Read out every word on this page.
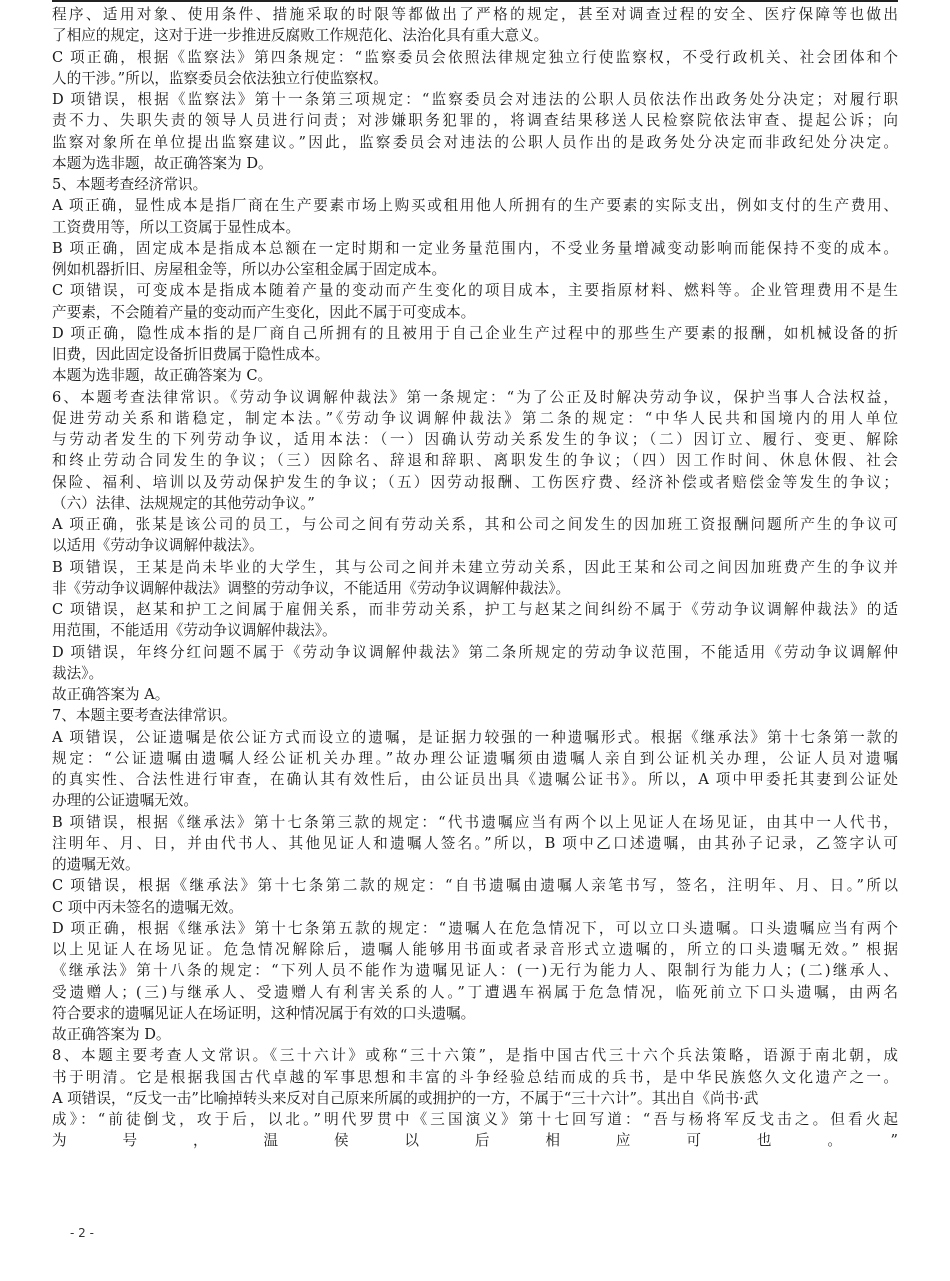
程序、适用对象、使用条件、措施采取的时限等都做出了严格的规定，甚至对调查过程的安全、医疗保障等也做出
了相应的规定，这对于进一步推进反腐败工作规范化、法治化具有重大意义。
C 项正确，根据《监察法》第四条规定：“监察委员会依照法律规定独立行使监察权，不受行政机关、社会团体和个
人的干涉。”所以，监察委员会依法独立行使监察权。
D 项错误，根据《监察法》第十一条第三项规定：“监察委员会对违法的公职人员依法作出政务处分决定；对履行职
责不力、失职失责的领导人员进行问责；对涉嫌职务犯罪的，将调查结果移送人民检察院依法审查、提起公诉；向
监察对象所在单位提出监察建议。”因此，监察委员会对违法的公职人员作出的是政务处分决定而非政纪处分决定。
本题为选非题，故正确答案为 D。
5、本题考查经济常识。
A 项正确，显性成本是指厂商在生产要素市场上购买或租用他人所拥有的生产要素的实际支出，例如支付的生产费用、
工资费用等，所以工资属于显性成本。
B 项正确，固定成本是指成本总额在一定时期和一定业务量范围内，不受业务量增减变动影响而能保持不变的成本。
例如机器折旧、房屋租金等，所以办公室租金属于固定成本。
C 项错误，可变成本是指成本随着产量的变动而产生变化的项目成本，主要指原材料、燃料等。企业管理费用不是生
产要素，不会随着产量的变动而产生变化，因此不属于可变成本。
D 项正确，隐性成本指的是厂商自己所拥有的且被用于自己企业生产过程中的那些生产要素的报酬，如机械设备的折
旧费，因此固定设备折旧费属于隐性成本。
本题为选非题，故正确答案为 C。
6、本题考查法律常识。《劳动争议调解仲裁法》第一条规定：“为了公正及时解决劳动争议，保护当事人合法权益，
促进劳动关系和谐稳定，制定本法。”《劳动争议调解仲裁法》第二条的规定：“中华人民共和国境内的用人单位
与劳动者发生的下列劳动争议，适用本法：（一）因确认劳动关系发生的争议；（二）因订立、履行、变更、解除
和终止劳动合同发生的争议；（三）因除名、辞退和辞职、离职发生的争议；（四）因工作时间、休息休假、社会
保险、福利、培训以及劳动保护发生的争议；（五）因劳动报酬、工伤医疗费、经济补偿或者赔偿金等发生的争议；
（六）法律、法规规定的其他劳动争议。”
A 项正确，张某是该公司的员工，与公司之间有劳动关系，其和公司之间发生的因加班工资报酬问题所产生的争议可
以适用《劳动争议调解仲裁法》。
B 项错误，王某是尚未毕业的大学生，其与公司之间并未建立劳动关系，因此王某和公司之间因加班费产生的争议并
非《劳动争议调解仲裁法》调整的劳动争议，不能适用《劳动争议调解仲裁法》。
C 项错误，赵某和护工之间属于雇佣关系，而非劳动关系，护工与赵某之间纠纷不属于《劳动争议调解仲裁法》的适
用范围，不能适用《劳动争议调解仲裁法》。
D 项错误，年终分红问题不属于《劳动争议调解仲裁法》第二条所规定的劳动争议范围，不能适用《劳动争议调解仲
裁法》。
故正确答案为 A。
7、本题主要考查法律常识。
A 项错误，公证遗嘱是依公证方式而设立的遗嘱，是证据力较强的一种遗嘱形式。根据《继承法》第十七条第一款的
规定：“公证遗嘱由遗嘱人经公证机关办理。”故办理公证遗嘱须由遗嘱人亲自到公证机关办理，公证人员对遗嘱
的真实性、合法性进行审查，在确认其有效性后，由公证员出具《遗嘱公证书》。所以，A 项中甲委托其妻到公证处
办理的公证遗嘱无效。
B 项错误，根据《继承法》第十七条第三款的规定：“代书遗嘱应当有两个以上见证人在场见证，由其中一人代书，
注明年、月、日，并由代书人、其他见证人和遗嘱人签名。”所以，B 项中乙口述遗嘱，由其孙子记录，乙签字认可
的遗嘱无效。
C 项错误，根据《继承法》第十七条第二款的规定：“自书遗嘱由遗嘱人亲笔书写，签名，注明年、月、日。”所以
C 项中丙未签名的遗嘱无效。
D 项正确，根据《继承法》第十七条第五款的规定：“遗嘱人在危急情况下，可以立口头遗嘱。口头遗嘱应当有两个
以上见证人在场见证。危急情况解除后，遗嘱人能够用书面或者录音形式立遗嘱的，所立的口头遗嘱无效。” 根据
《继承法》第十八条的规定：“下列人员不能作为遗嘱见证人：(一)无行为能力人、限制行为能力人；(二)继承人、
受遗赠人；(三)与继承人、受遗赠人有利害关系的人。”丁遭遇车祸属于危急情况，临死前立下口头遗嘱，由两名
符合要求的遗嘱见证人在场证明，这种情况属于有效的口头遗嘱。
故正确答案为 D。
8、本题主要考查人文常识。《三十六计》或称“三十六策”，是指中国古代三十六个兵法策略，语源于南北朝，成
书于明清。它是根据我国古代卓越的军事思想和丰富的斗争经验总结而成的兵书，是中华民族悠久文化遗产之一。
A 项错误，“反戈一击”比喻掉转头来反对自己原来所属的或拥护的一方，不属于“三十六计”。其出自《尚书·武
成》：“前徒倒戈，攻于后，以北。”明代罗贯中《三国演义》第十七回写道：“吾与杨将军反戈击之。但看火起
为号，温侯以后相应可也。”
- 2 -
